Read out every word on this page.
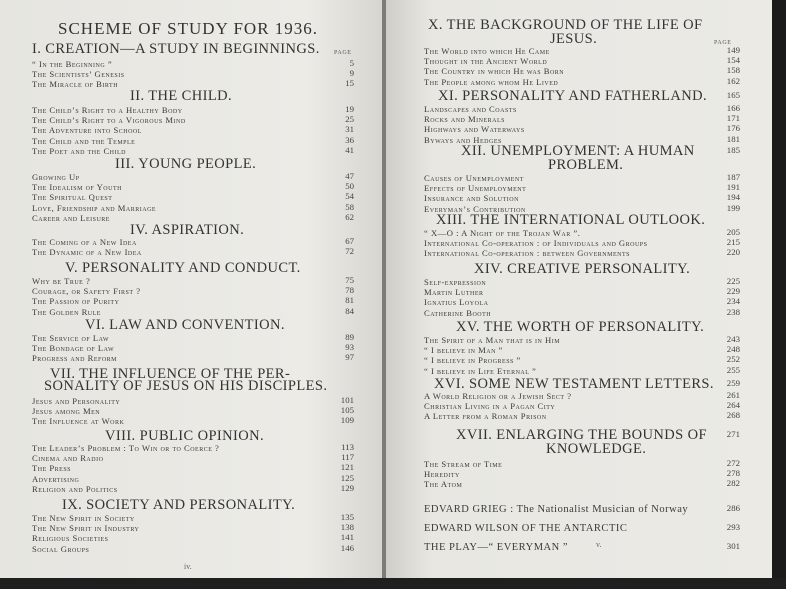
SCHEME OF STUDY FOR 1936.
PAGE
I. CREATION—A STUDY IN BEGINNINGS.
“ In the Beginning ”	5
The Scientists’ Genesis	9
The Miracle of Birth	15
II. THE CHILD.
The Child’s Right to a Healthy Body	19
The Child’s Right to a Vigorous Mind	25
The Adventure into School	31
The Child and the Temple	36
The Poet and the Child	41
III. YOUNG PEOPLE.
Growing Up	47
The Idealism of Youth	50
The Spiritual Quest	54
Love, Friendship and Marriage	58
Career and Leisure	62
IV. ASPIRATION.
The Coming of a New Idea	67
The Dynamic of a New Idea	72
V. PERSONALITY AND CONDUCT.
Why be True ?	75
Courage, or Safety First ?	78
The Passion of Purity	81
The Golden Rule	84
VI. LAW AND CONVENTION.
The Service of Law	89
The Bondage of Law	93
Progress and Reform	97
VII. THE INFLUENCE OF THE PER-
SONALITY OF JESUS ON HIS DISCIPLES.
Jesus and Personality	101
Jesus among Men	105
The Influence at Work	109
VIII. PUBLIC OPINION.
The Leader’s Problem : To Win or to Coerce ?	113
Cinema and Radio	117
The Press	121
Advertising	125
Religion and Politics	129
IX. SOCIETY AND PERSONALITY.
The New Spirit in Society	135
The New Spirit in Industry	138
Religious Societies	141
Social Groups	146
iv.
PAGE
X. THE BACKGROUND OF THE LIFE OF
JESUS.
The World into which He Came	149
Thought in the Ancient World	154
The Country in which He was Born	158
The People among whom He Lived	162
XI. PERSONALITY AND FATHERLAND.	165
Landscapes and Coasts	166
Rocks and Minerals	171
Highways and Waterways	176
Byways and Hedges	181
XII. UNEMPLOYMENT: A HUMAN
PROBLEM.
185
Causes of Unemployment	187
Effects of Unemployment	191
Insurance and Solution	194
Everyman’s Contribution	199
XIII. THE INTERNATIONAL OUTLOOK.
“ X—O : A Night of the Trojan War ”.	205
International Co-operation : of Individuals and Groups	215
International Co-operation : between Governments	220
XIV. CREATIVE PERSONALITY.
Self-expression	225
Martin Luther	229
Ignatius Loyola	234
Catherine Booth	238
XV. THE WORTH OF PERSONALITY.
The Spirit of a Man that is in Him	243
“ I believe in Man ”	248
“ I believe in Progress ”	252
“ I believe in Life Eternal ”	255
XVI. SOME NEW TESTAMENT LETTERS.	259
A World Religion or a Jewish Sect ?	261
Christian Living in a Pagan City	264
A Letter from a Roman Prison	268
XVII. ENLARGING THE BOUNDS OF
KNOWLEDGE.
271
The Stream of Time	272
Heredity	278
The Atom	282
EDVARD GRIEG : The Nationalist Musician of Norway	286
EDWARD WILSON OF THE ANTARCTIC	293
THE PLAY—“ EVERYMAN ”	301
v.
